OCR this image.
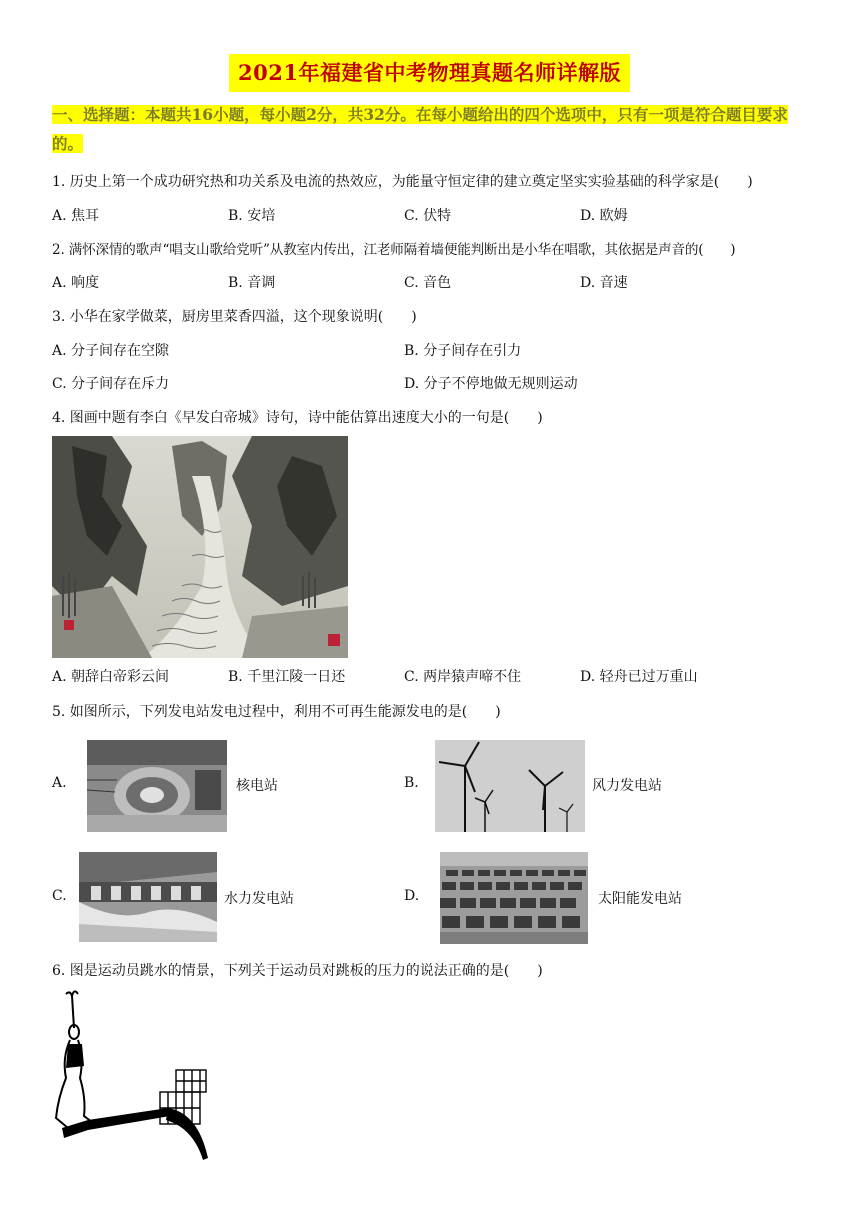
2021年福建省中考物理真题名师详解版
一、选择题：本题共16小题，每小题2分，共32分。在每小题给出的四个选项中，只有一项是符合题目要求的。
1. 历史上第一个成功研究热和功关系及电流的热效应，为能量守恒定律的建立奠定坚实实验基础的科学家是(　　)
A. 焦耳	B. 安培	C. 伏特	D. 欧姆
2. 满怀深情的歌声“唱支山歌给党听”从教室内传出，江老师隔着墙便能判断出是小华在唱歌，其依据是声音的(　　)
A. 响度	B. 音调	C. 音色	D. 音速
3. 小华在家学做菜，厨房里菜香四溢，这个现象说明(　　)
A. 分子间存在空隙	B. 分子间存在引力
C. 分子间存在斥力	D. 分子不停地做无规则运动
4. 图画中题有李白《早发白帝城》诗句，诗中能估算出速度大小的一句是(　　)
A. 朝辞白帝彩云间	B. 千里江陵一日还	C. 两岸猿声啼不住	D. 轻舟已过万重山
5. 如图所示，下列发电站发电过程中，利用不可再生能源发电的是(　　)
A.	核电站	B.	风力发电站
C.	水力发电站	D.	太阳能发电站
6. 图是运动员跳水的情景，下列关于运动员对跳板的压力的说法正确的是(　　)
